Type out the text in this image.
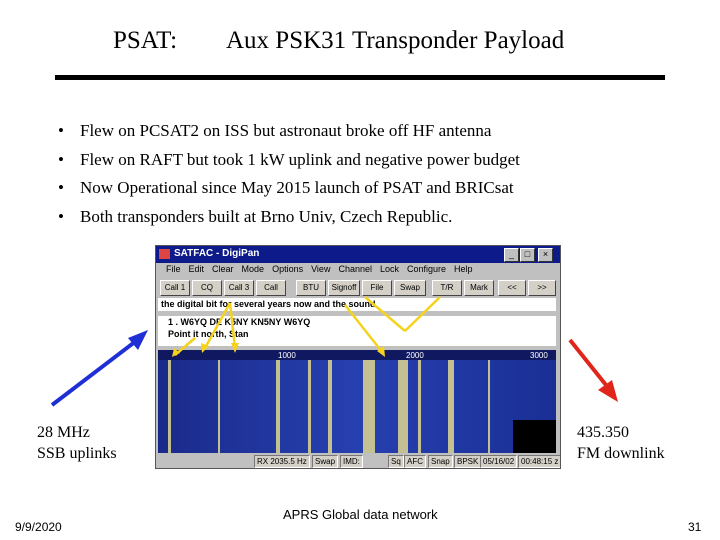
PSAT: Aux PSK31 Transponder Payload
• Flew on PCSAT2 on ISS but astronaut broke off HF antenna
• Flew on RAFT but took 1 kW uplink and negative power budget
• Now Operational since May 2015 launch of PSAT and BRICsat
• Both transponders built at Brno Univ, Czech Republic.
28 MHz
SSB uplinks
435.350
FM downlink
SATFAC - DigiPan	_	□	×
File Edit Clear Mode Options View Channel Lock Configure Help
Call 1	CQ	Call 3	Call	BTU	Signoff	File	Swap	T/R	Mark	<<	>>
the digital bit for several years now and the sound
1 . W6YQ DE K5NY KN5NY W6YQ
Point it north, Stan
1000	2000	3000
RX 2035.5 Hz	Swap IMD:	Sq AFC	Snap BPSK 05/16/02 00:48:15 z
APRS Global data network
9/9/2020	31
